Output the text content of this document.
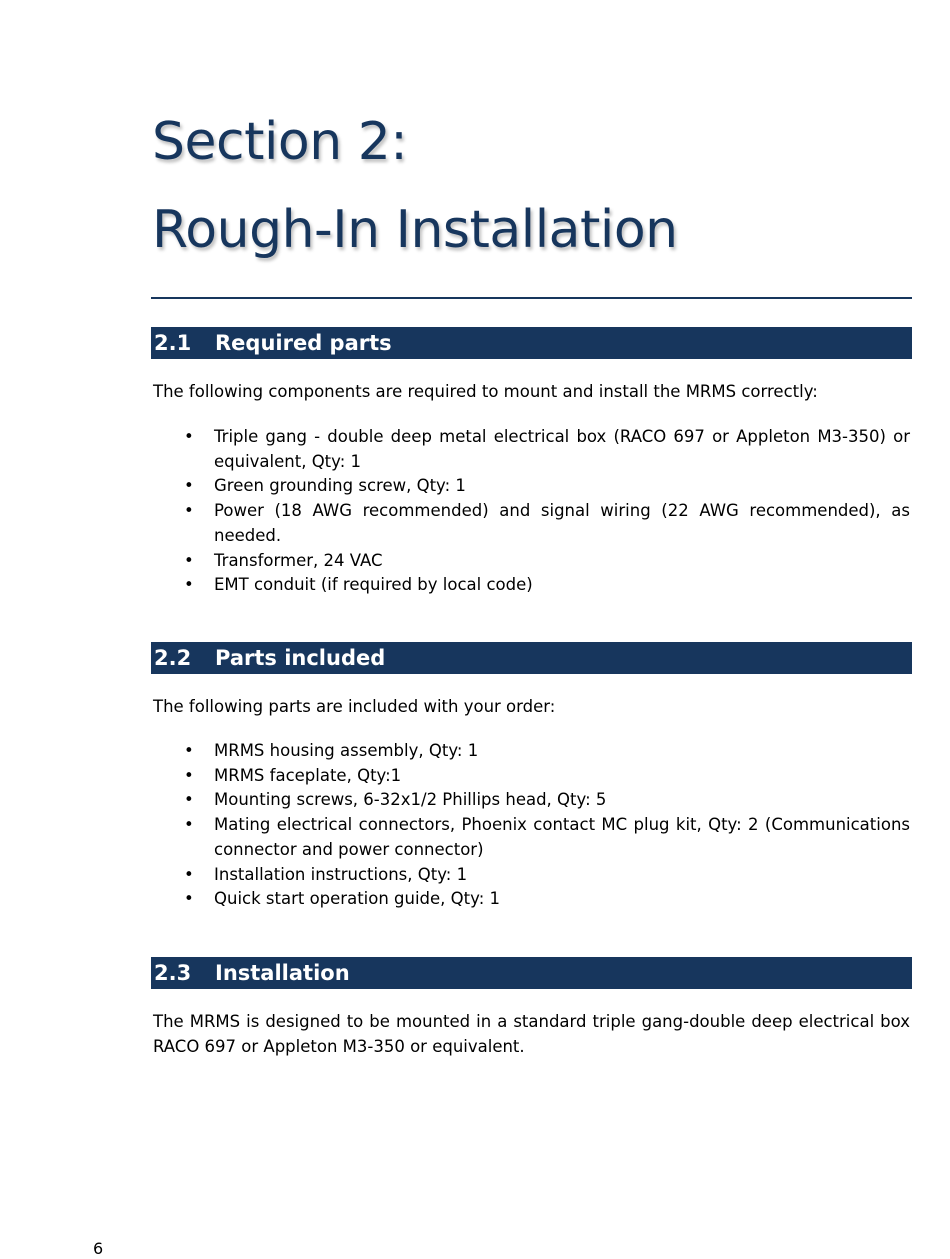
Section 2:
Rough-In Installation
2.1 Required parts
The following components are required to mount and install the MRMS correctly:
• Triple gang - double deep metal electrical box (RACO 697 or Appleton M3-350) or equivalent, Qty: 1
• Green grounding screw, Qty: 1
• Power (18 AWG recommended) and signal wiring (22 AWG recommended), as needed.
• Transformer, 24 VAC
• EMT conduit (if required by local code)
2.2 Parts included
The following parts are included with your order:
• MRMS housing assembly, Qty: 1
• MRMS faceplate, Qty:1
• Mounting screws, 6-32x1/2 Phillips head, Qty: 5
• Mating electrical connectors, Phoenix contact MC plug kit, Qty: 2 (Communications connector and power connector)
• Installation instructions, Qty: 1
• Quick start operation guide, Qty: 1
2.3 Installation
The MRMS is designed to be mounted in a standard triple gang-double deep electrical box RACO 697 or Appleton M3-350 or equivalent.
6
